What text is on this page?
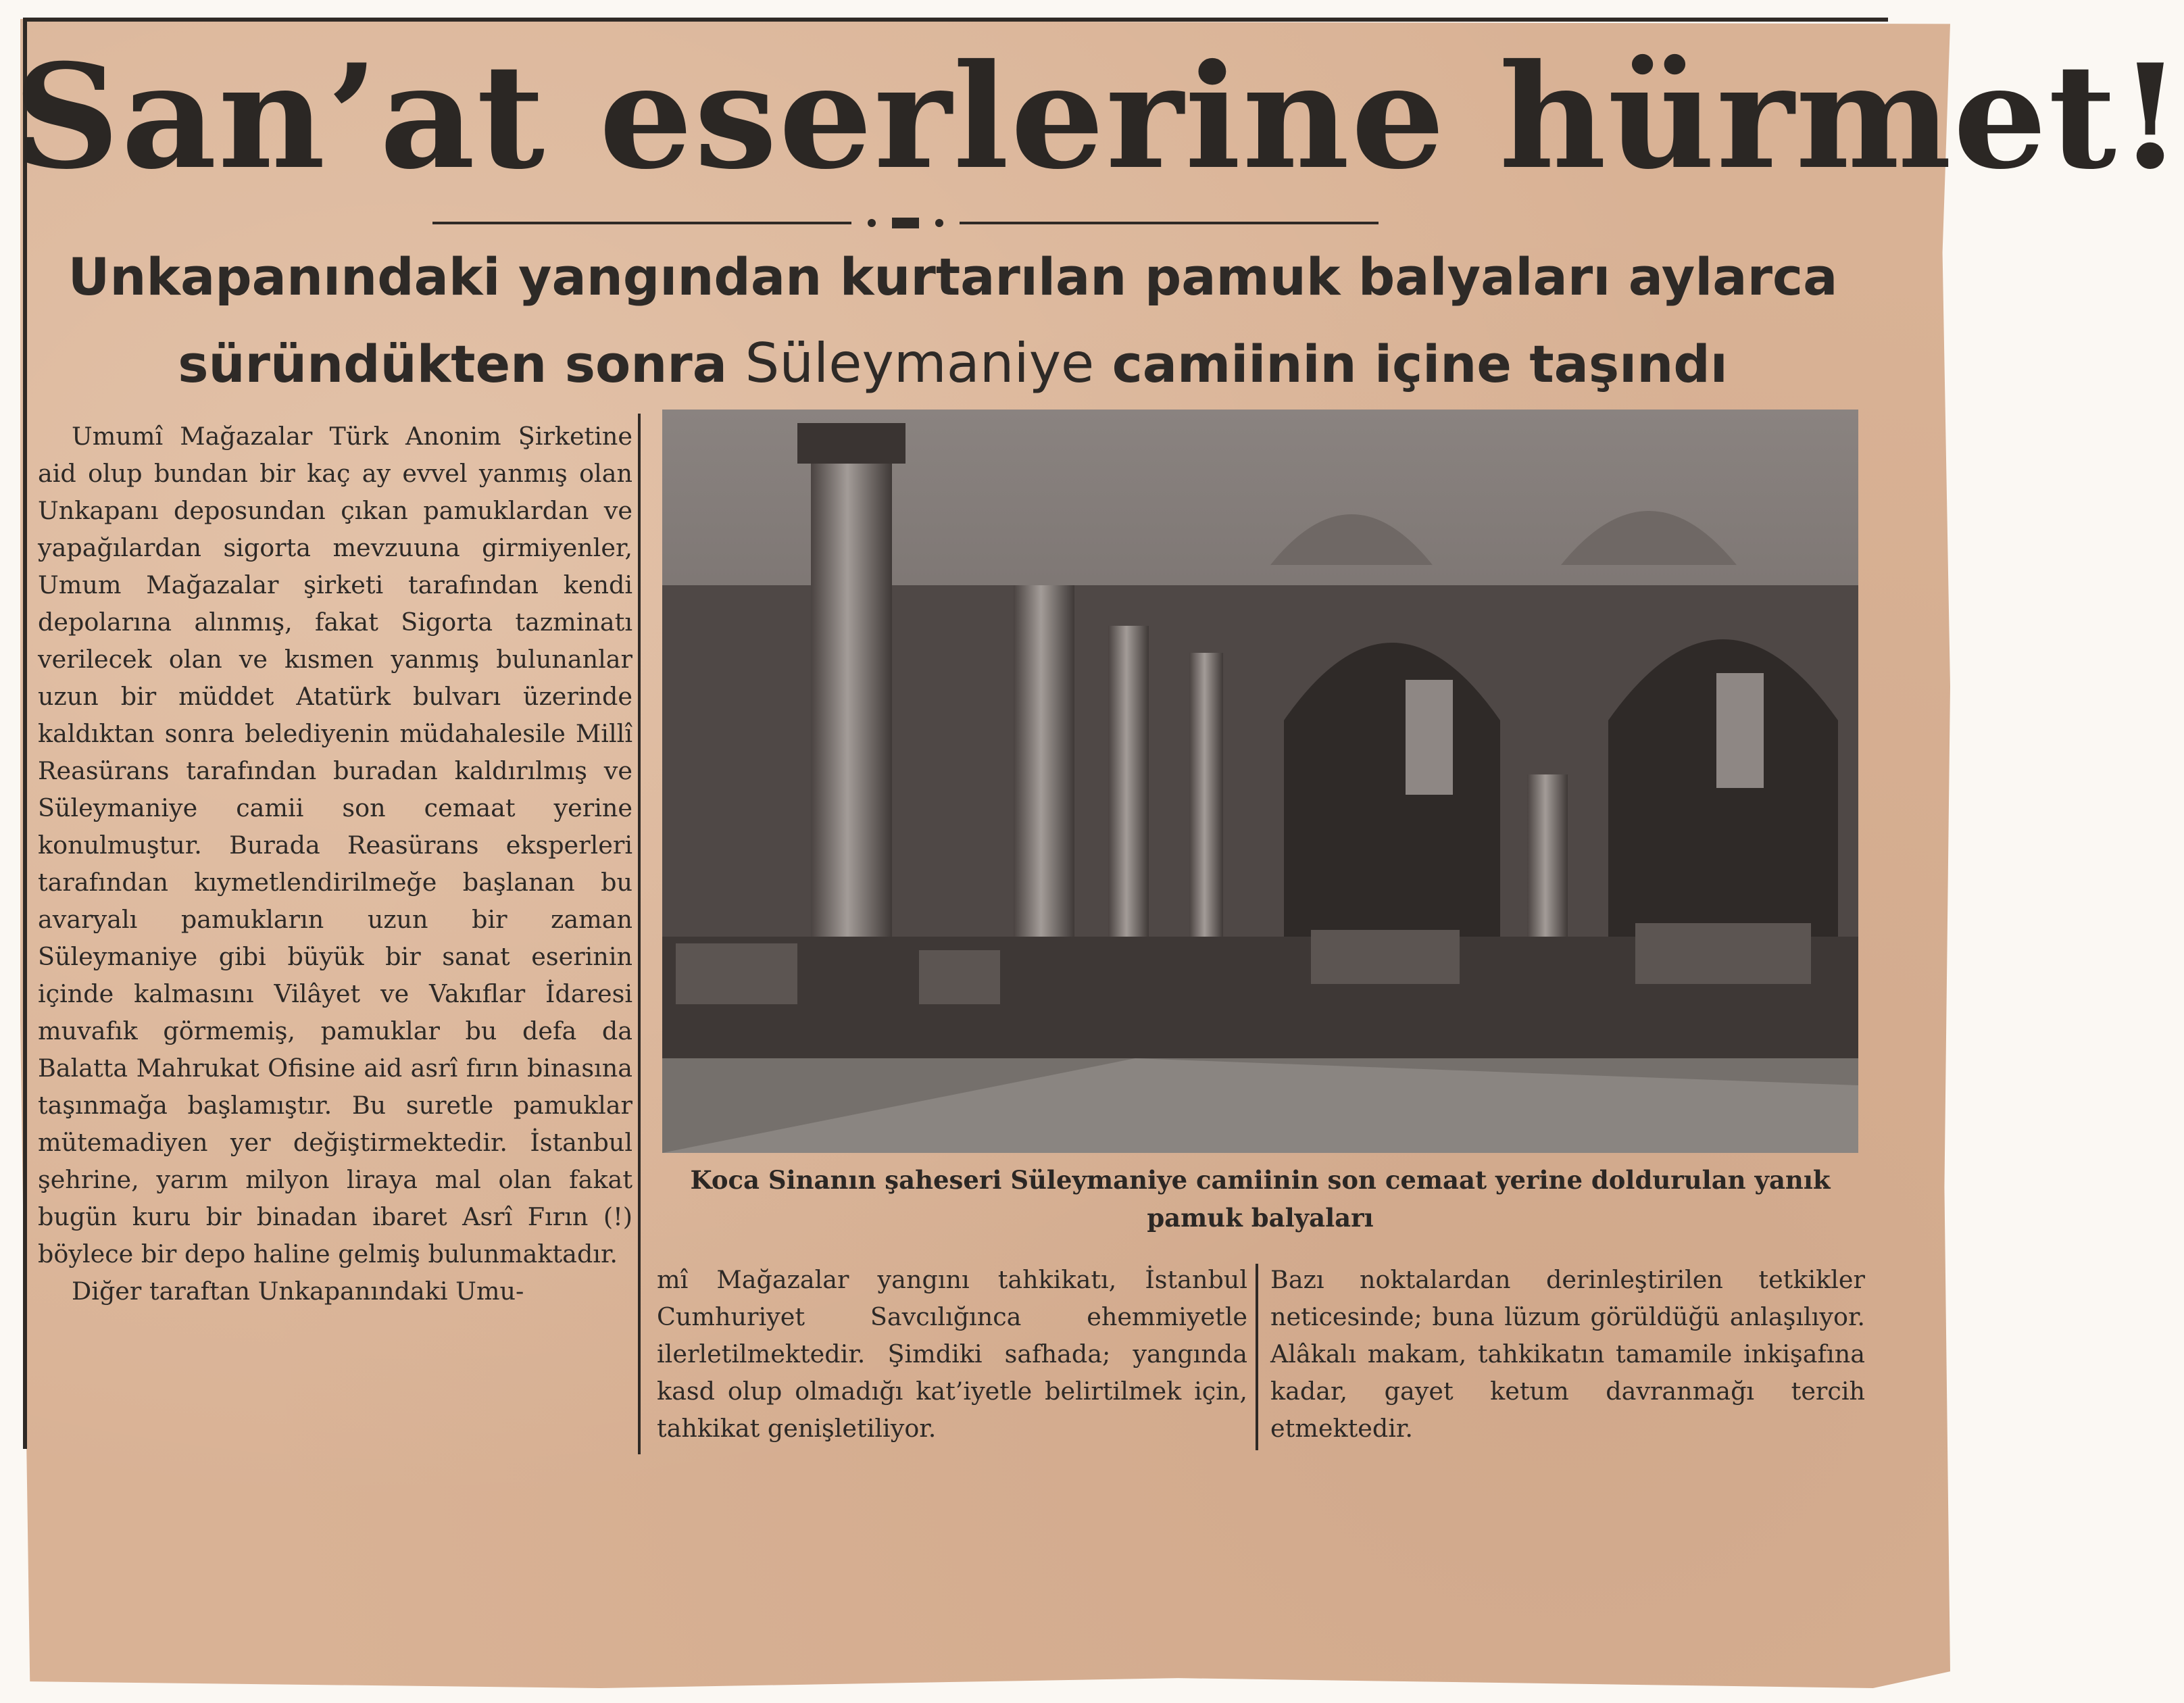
San’at eserlerine hürmet!
Unkapanındaki yangından kurtarılan pamuk balyaları aylarca
süründükten sonra Süleymaniye camiinin içine taşındı

Umumî Mağazalar Türk Anonim Şirketine aid olup bundan bir kaç ay evvel yanmış olan Unkapanı deposundan çıkan pamuklardan ve yapağılardan sigorta mevzuuna girmiyenler, Umum Mağazalar şirketi tarafından kendi depolarına alınmış, fakat Sigorta tazminatı verilecek olan ve kısmen yanmış bulunanlar uzun bir müddet Atatürk bulvarı üzerinde kaldıktan sonra belediyenin müdahalesile Millî Reasürans tarafından buradan kaldırılmış ve Süleymaniye camii son cemaat yerine konulmuştur. Burada Reasürans eksperleri tarafından kıymetlendirilmeğe başlanan bu avaryalı pamukların uzun bir zaman Süleymaniye gibi büyük bir sanat eserinin içinde kalmasını Vilâyet ve Vakıflar İdaresi muvafık görmemiş, pamuklar bu defa da Balatta Mahrukat Ofisine aid asrî fırın binasına taşınmağa başlamıştır. Bu suretle pamuklar mütemadiyen yer değiştirmektedir. İstanbul şehrine, yarım milyon liraya mal olan fakat bugün kuru bir binadan ibaret Asrî Fırın (!) böylece bir depo haline gelmiş bulunmaktadır.

Diğer taraftan Unkapanındaki Umu-

Koca Sinanın şaheseri Süleymaniye camiinin son cemaat yerine doldurulan yanık pamuk balyaları

mî Mağazalar yangını tahkikatı, İstanbul Cumhuriyet Savcılığınca ehemmiyetle ilerletilmektedir. Şimdiki safhada; yangında kasd olup olmadığı kat’iyetle belirtilmek için, tahkikat genişletiliyor.

Bazı noktalardan derinleştirilen tetkikler neticesinde; buna lüzum görüldüğü anlaşılıyor. Alâkalı makam, tahkikatın tamamile inkişafına kadar, gayet ketum davranmağı tercih etmektedir.
